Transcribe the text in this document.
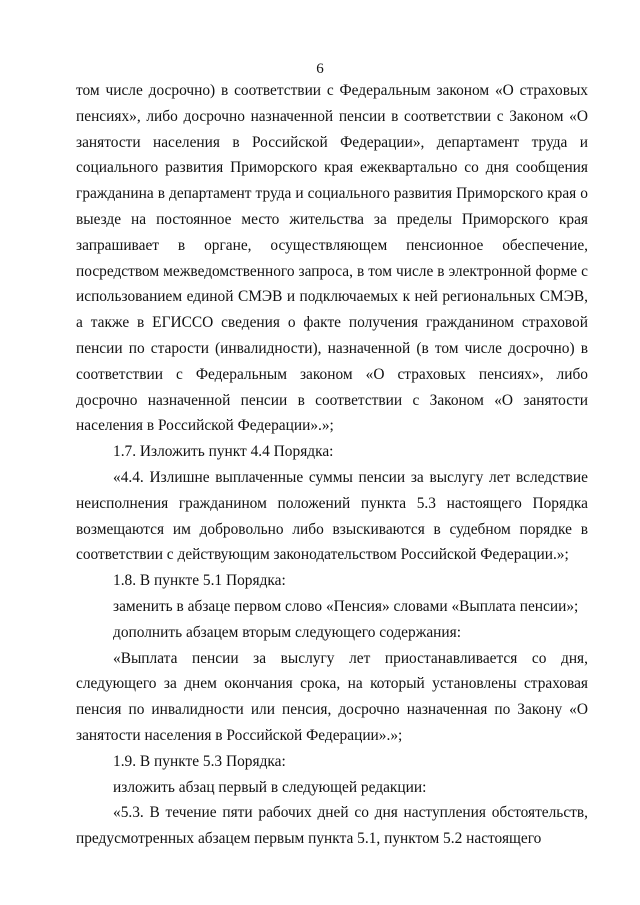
6

том числе досрочно) в соответствии с Федеральным законом «О страховых пенсиях», либо досрочно назначенной пенсии в соответствии с Законом «О занятости населения в Российской Федерации», департамент труда и социального развития Приморского края ежеквартально со дня сообщения гражданина в департамент труда и социального развития Приморского края о выезде на постоянное место жительства за пределы Приморского края запрашивает в органе, осуществляющем пенсионное обеспечение, посредством межведомственного запроса, в том числе в электронной форме с использованием единой СМЭВ и подключаемых к ней региональных СМЭВ, а также в ЕГИССО сведения о факте получения гражданином страховой пенсии по старости (инвалидности), назначенной (в том числе досрочно) в соответствии с Федеральным законом «О страховых пенсиях», либо досрочно назначенной пенсии в соответствии с Законом «О занятости населения в Российской Федерации».»;

1.7. Изложить пункт 4.4 Порядка:

«4.4. Излишне выплаченные суммы пенсии за выслугу лет вследствие неисполнения гражданином положений пункта 5.3 настоящего Порядка возмещаются им добровольно либо взыскиваются в судебном порядке в соответствии с действующим законодательством Российской Федерации.»;

1.8. В пункте 5.1 Порядка:

заменить в абзаце первом слово «Пенсия» словами «Выплата пенсии»;

дополнить абзацем вторым следующего содержания:

«Выплата пенсии за выслугу лет приостанавливается со дня, следующего за днем окончания срока, на который установлены страховая пенсия по инвалидности или пенсия, досрочно назначенная по Закону «О занятости населения в Российской Федерации».»;

1.9. В пункте 5.3 Порядка:

изложить абзац первый в следующей редакции:

«5.3. В течение пяти рабочих дней со дня наступления обстоятельств, предусмотренных абзацем первым пункта 5.1, пунктом 5.2 настоящего
